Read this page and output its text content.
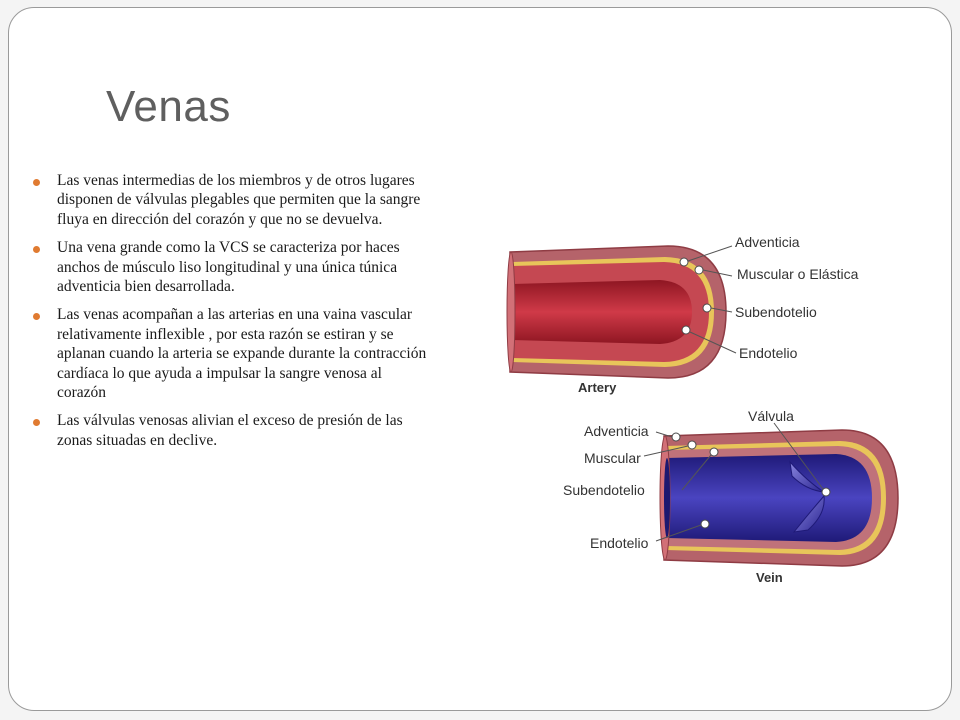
Venas
Las venas intermedias de los miembros y de otros lugares disponen de válvulas plegables que permiten que la sangre fluya en dirección del corazón y que no se devuelva.
Una vena grande como la VCS se caracteriza por haces anchos de músculo liso longitudinal y una única túnica adventicia bien desarrollada.
Las venas acompañan a las arterias en una vaina vascular relativamente inflexible , por esta razón se estiran y se aplanan cuando la arteria se expande durante la contracción cardíaca lo que ayuda a impulsar la sangre venosa al corazón
Las válvulas venosas alivian el exceso de presión de las zonas situadas en declive.
Adventicia
Muscular o Elástica
Subendotelio
Endotelio
Artery
Válvula
Adventicia
Muscular
Subendotelio
Endotelio
Vein
